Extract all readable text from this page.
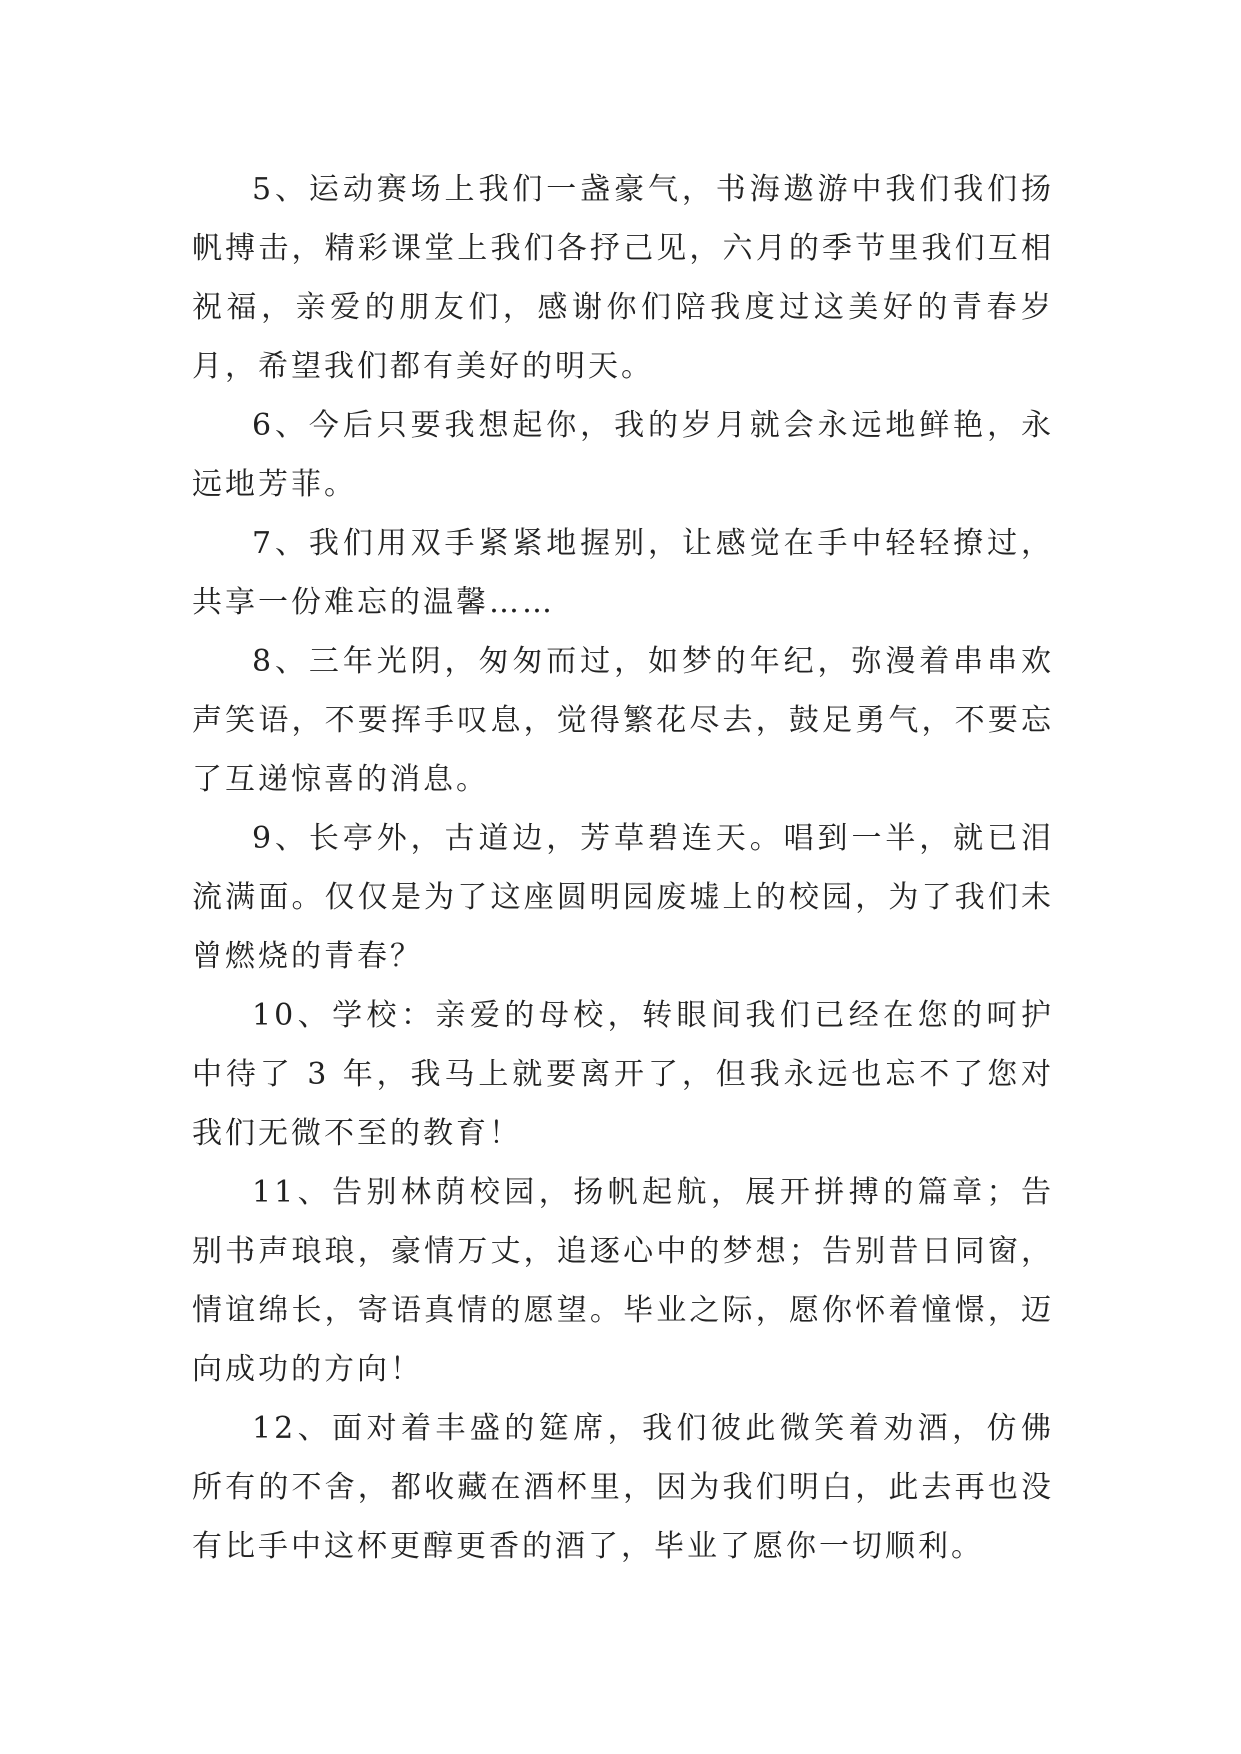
5、运动赛场上我们一盏豪气，书海遨游中我们我们扬帆搏击，精彩课堂上我们各抒己见，六月的季节里我们互相祝福，亲爱的朋友们，感谢你们陪我度过这美好的青春岁月，希望我们都有美好的明天。

6、今后只要我想起你，我的岁月就会永远地鲜艳，永远地芳菲。

7、我们用双手紧紧地握别，让感觉在手中轻轻撩过，共享一份难忘的温馨……

8、三年光阴，匆匆而过，如梦的年纪，弥漫着串串欢声笑语，不要挥手叹息，觉得繁花尽去，鼓足勇气，不要忘了互递惊喜的消息。

9、长亭外，古道边，芳草碧连天。唱到一半，就已泪流满面。仅仅是为了这座圆明园废墟上的校园，为了我们未曾燃烧的青春？

10、学校：亲爱的母校，转眼间我们已经在您的呵护中待了 3 年，我马上就要离开了，但我永远也忘不了您对我们无微不至的教育！

11、告别林荫校园，扬帆起航，展开拼搏的篇章；告别书声琅琅，豪情万丈，追逐心中的梦想；告别昔日同窗，情谊绵长，寄语真情的愿望。毕业之际，愿你怀着憧憬，迈向成功的方向！

12、面对着丰盛的筵席，我们彼此微笑着劝酒，仿佛所有的不舍，都收藏在酒杯里，因为我们明白，此去再也没有比手中这杯更醇更香的酒了，毕业了愿你一切顺利。
